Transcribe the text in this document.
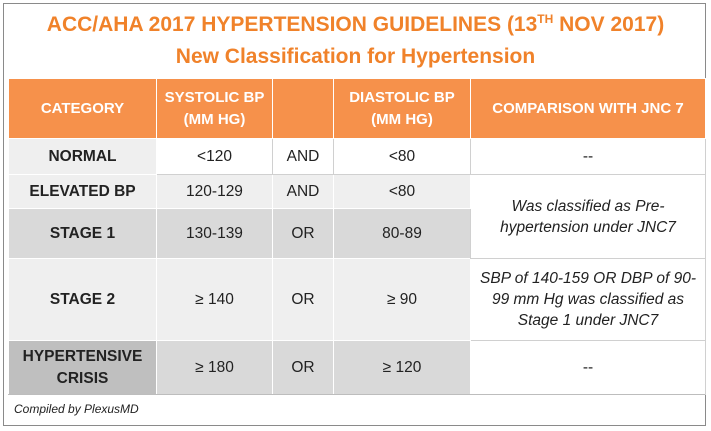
ACC/AHA 2017 HYPERTENSION GUIDELINES (13TH NOV 2017)
New Classification for Hypertension
CATEGORY	SYSTOLIC BP (MM HG)		DIASTOLIC BP (MM HG)	COMPARISON WITH JNC 7
NORMAL	<120	AND	<80	--
ELEVATED BP	120-129	AND	<80	Was classified as Pre-hypertension under JNC7
STAGE 1	130-139	OR	80-89	
STAGE 2	≥ 140	OR	≥ 90	SBP of 140-159 OR DBP of 90-99 mm Hg was classified as Stage 1 under JNC7
HYPERTENSIVE CRISIS	≥ 180	OR	≥ 120	--
Compiled by PlexusMD
